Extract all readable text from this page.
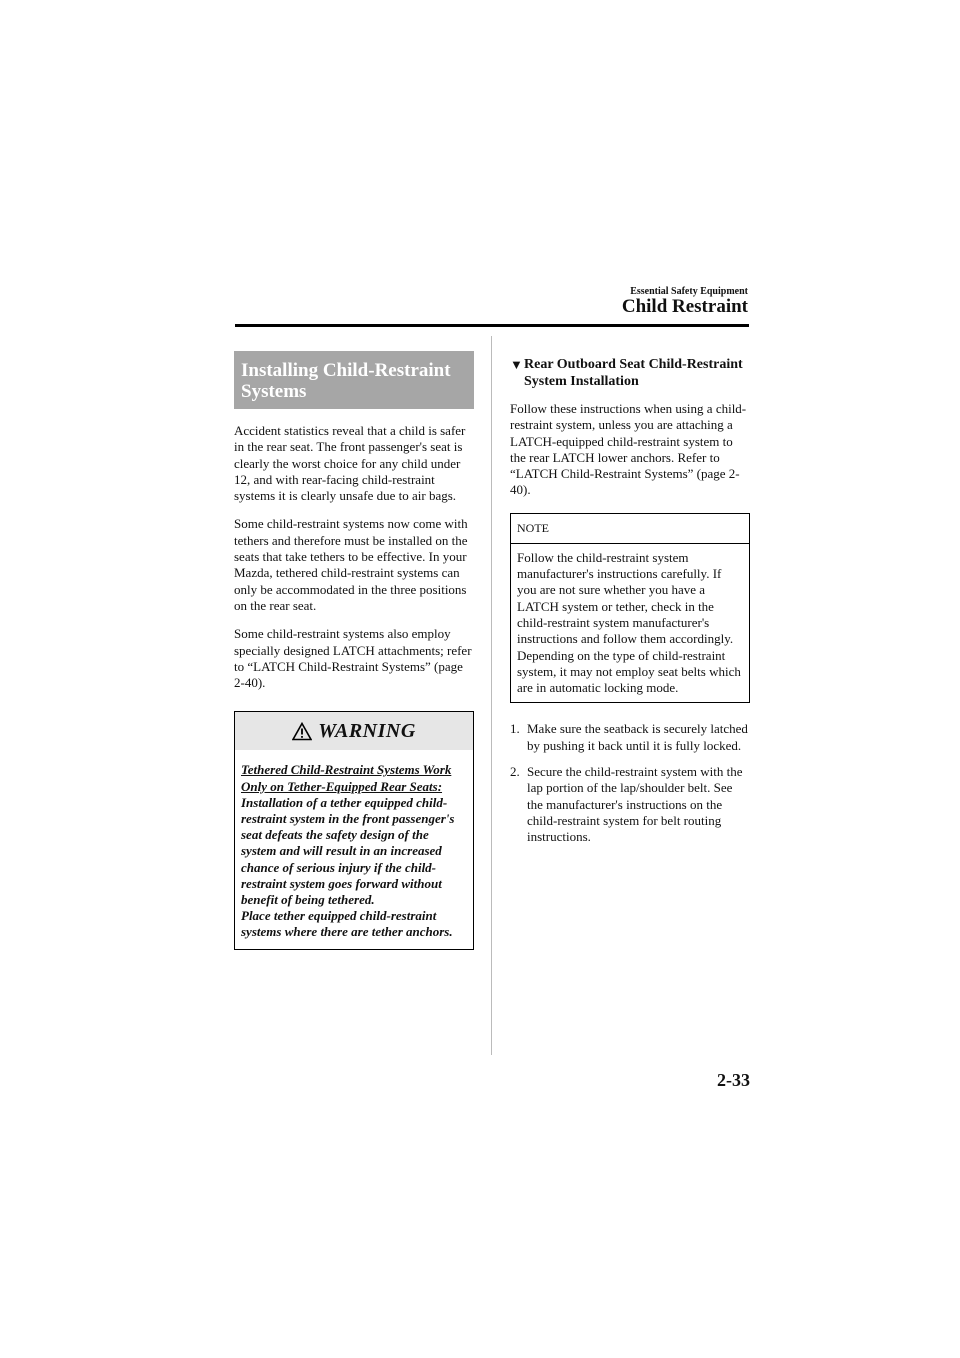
Essential Safety Equipment
Child Restraint
Installing Child-Restraint Systems

Accident statistics reveal that a child is safer in the rear seat. The front passenger's seat is clearly the worst choice for any child under 12, and with rear-facing child-restraint systems it is clearly unsafe due to air bags.

Some child-restraint systems now come with tethers and therefore must be installed on the seats that take tethers to be effective. In your Mazda, tethered child-restraint systems can only be accommodated in the three positions on the rear seat.

Some child-restraint systems also employ specially designed LATCH attachments; refer to “LATCH Child-Restraint Systems” (page 2-40).

WARNING
Tethered Child-Restraint Systems Work Only on Tether-Equipped Rear Seats:
Installation of a tether equipped child-restraint system in the front passenger's seat defeats the safety design of the system and will result in an increased chance of serious injury if the child-restraint system goes forward without benefit of being tethered.
Place tether equipped child-restraint systems where there are tether anchors.
▼ Rear Outboard Seat Child-Restraint System Installation

Follow these instructions when using a child-restraint system, unless you are attaching a LATCH-equipped child-restraint system to the rear LATCH lower anchors. Refer to “LATCH Child-Restraint Systems” (page 2-40).

NOTE
Follow the child-restraint system manufacturer's instructions carefully. If you are not sure whether you have a LATCH system or tether, check in the child-restraint system manufacturer's instructions and follow them accordingly. Depending on the type of child-restraint system, it may not employ seat belts which are in automatic locking mode.
1. Make sure the seatback is securely latched by pushing it back until it is fully locked.
2. Secure the child-restraint system with the lap portion of the lap/shoulder belt. See the manufacturer's instructions on the child-restraint system for belt routing instructions.
2-33
